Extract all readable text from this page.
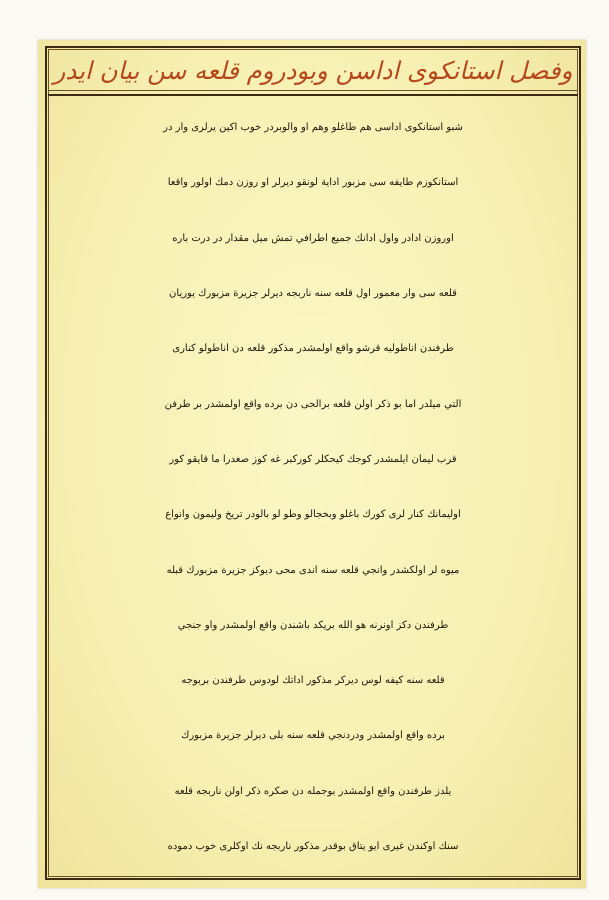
وفصل استانكوى اداسن وبودروم قلعه سن بيان ايدر
شبو استانكوى اداسى هم طاغلو وهم او والوبردر خوب اكين يرلرى وار در
استانكوزم طايفه سى مزبور اداية لونقو ديرلر او روزن دمك اولور واقعا
اوروزن ادادر واول ادانك جميع اطرافي تمش ميل مقدار در درت باره
قلعه سى وار معمور اول قلعه سنه ناربجه ديرلر جزيرة مزبورك يوريان
طرفندن اناطوليه قرشو واقع اولمشدر مذكور قلعه دن اناطولو كنارى
التي ميلدر اما بو ذكر اولن قلعه برالجى دن برده واقع اولمشدر بر طرفن
قرب ليمان ايلمشدر كوجك كيحكلر كوركبر غه كوز صغدرا ما قايقو كور
اوليمانك كنار لرى كورك باغلو وبخجالو وطو لو بالودر تريخ وليمون وانواع
ميوه لر اولكشدر وانجي قلعه سنه اندى محى ديوكز جزيرة مزبورك قبله
طرفندن دكز اونرنه هو الله بريكد باشندن واقع اولمشدر واو جنجي
قلعه سنه كيفه لوس ديركر مذكور اداتك لودوس طرفندن بربوجه
برده واقع اولمشدر ودردنجي قلعه سنه بلى ديرلر جزيرة مزبورك
يلدز طرفندن واقع اولمشدر بوجمله دن صكره ذكر اولن ناربجه قلعه
سنك اوكندن غيرى ايو يتاق بوقدر مذكور ناربجه نك اوكلرى خوب دموده
